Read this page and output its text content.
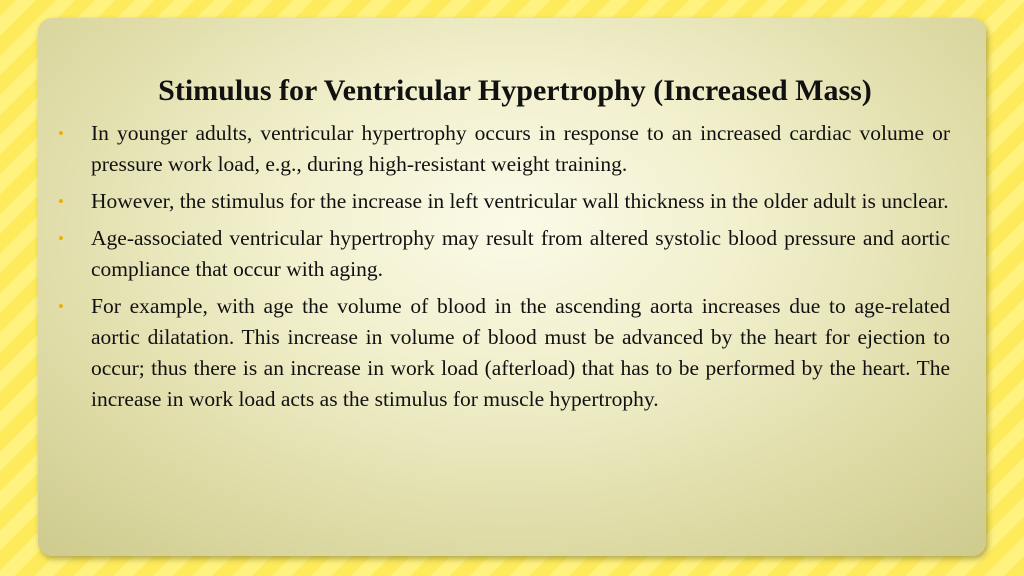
Stimulus for Ventricular Hypertrophy (Increased Mass)
• In younger adults, ventricular hypertrophy occurs in response to an increased cardiac volume or pressure work load, e.g., during high-resistant weight training.
• However, the stimulus for the increase in left ventricular wall thickness in the older adult is unclear.
• Age-associated ventricular hypertrophy may result from altered systolic blood pressure and aortic compliance that occur with aging.
• For example, with age the volume of blood in the ascending aorta increases due to age-related aortic dilatation. This increase in volume of blood must be advanced by the heart for ejection to occur; thus there is an increase in work load (afterload) that has to be performed by the heart. The increase in work load acts as the stimulus for muscle hypertrophy.
